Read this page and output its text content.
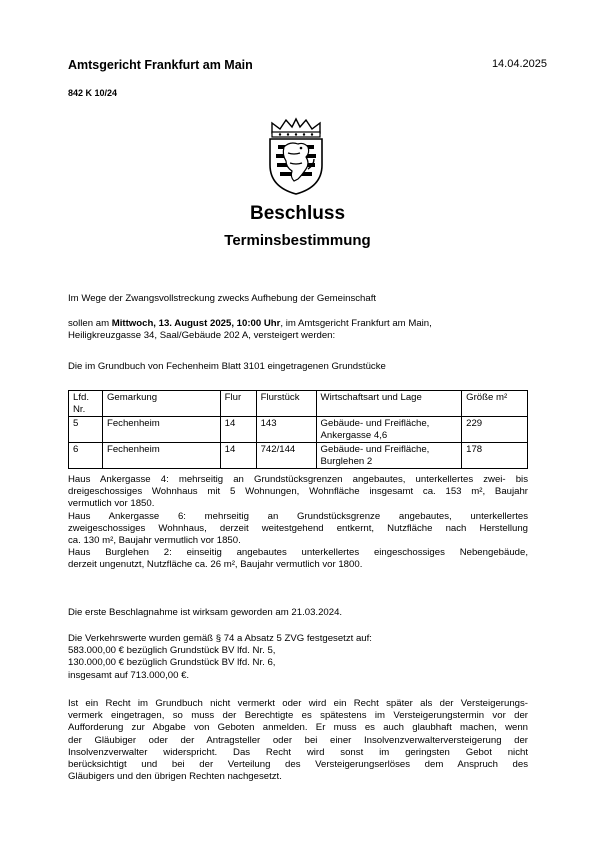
Amtsgericht Frankfurt am Main	14.04.2025
842 K 10/24
Beschluss
Terminsbestimmung
Im Wege der Zwangsvollstreckung zwecks Aufhebung der Gemeinschaft
sollen am Mittwoch, 13. August 2025, 10:00 Uhr, im Amtsgericht Frankfurt am Main,
Heiligkreuzgasse 34, Saal/Gebäude 202 A, versteigert werden:
Die im Grundbuch von Fechenheim Blatt 3101 eingetragenen Grundstücke
Lfd. Nr.	Gemarkung	Flur	Flurstück	Wirtschaftsart und Lage	Größe m²
5	Fechenheim	14	143	Gebäude- und Freifläche, Ankergasse 4,6	229
6	Fechenheim	14	742/144	Gebäude- und Freifläche, Burglehen 2	178
Haus Ankergasse 4: mehrseitig an Grundstücksgrenzen angebautes, unterkellertes zwei- bis
dreigeschossiges Wohnhaus mit 5 Wohnungen, Wohnfläche insgesamt ca. 153 m², Baujahr
vermutlich vor 1850.
Haus Ankergasse 6: mehrseitig an Grundstücksgrenze angebautes, unterkellertes
zweigeschossiges Wohnhaus, derzeit weitestgehend entkernt, Nutzfläche nach Herstellung
ca. 130 m², Baujahr vermutlich vor 1850.
Haus Burglehen 2: einseitig angebautes unterkellertes eingeschossiges Nebengebäude,
derzeit ungenutzt, Nutzfläche ca. 26 m², Baujahr vermutlich vor 1800.
Die erste Beschlagnahme ist wirksam geworden am 21.03.2024.
Die Verkehrswerte wurden gemäß § 74 a Absatz 5 ZVG festgesetzt auf:
583.000,00 € bezüglich Grundstück BV lfd. Nr. 5,
130.000,00 € bezüglich Grundstück BV lfd. Nr. 6,
insgesamt auf 713.000,00 €.
Ist ein Recht im Grundbuch nicht vermerkt oder wird ein Recht später als der Versteigerungs-
vermerk eingetragen, so muss der Berechtigte es spätestens im Versteigerungstermin vor der
Aufforderung zur Abgabe von Geboten anmelden. Er muss es auch glaubhaft machen, wenn
der Gläubiger oder der Antragsteller oder bei einer Insolvenzverwalterversteigerung der
Insolvenzverwalter widerspricht. Das Recht wird sonst im geringsten Gebot nicht
berücksichtigt und bei der Verteilung des Versteigerungserlöses dem Anspruch des
Gläubigers und den übrigen Rechten nachgesetzt.
